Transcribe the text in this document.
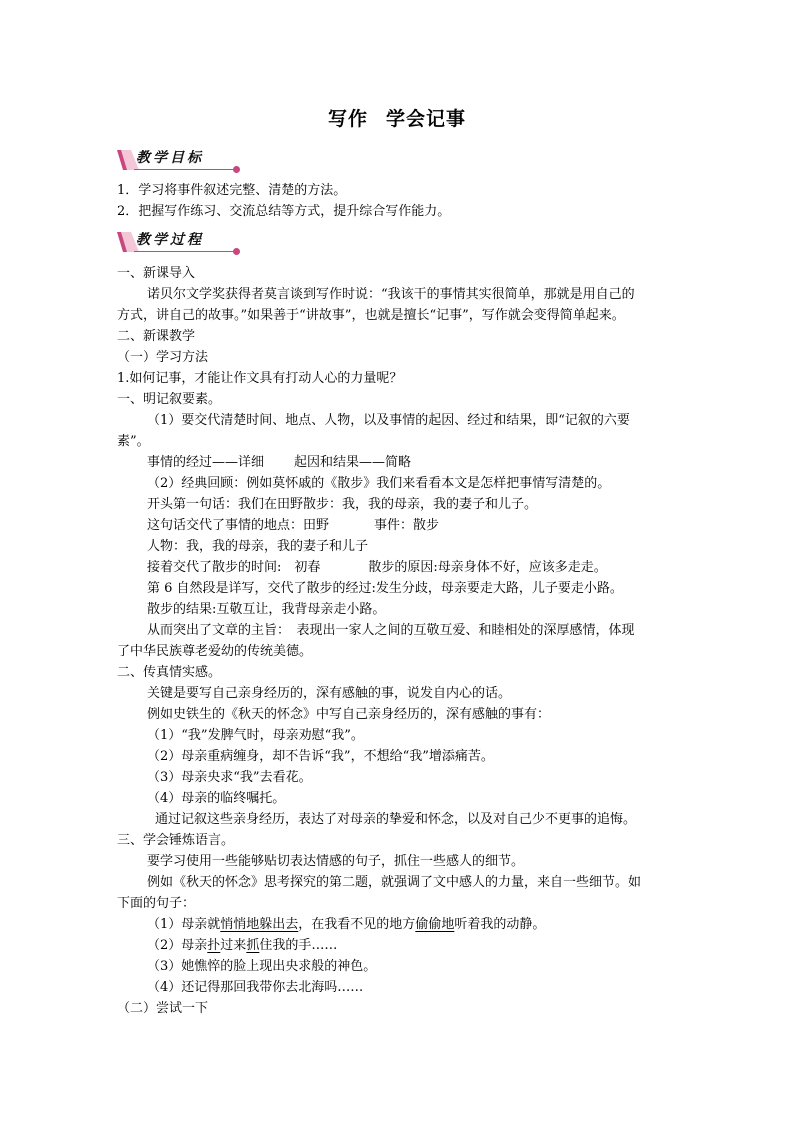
写作 学会记事
教学目标
1．学习将事件叙述完整、清楚的方法。
2．把握写作练习、交流总结等方式，提升综合写作能力。
教学过程
一、新课导入
诺贝尔文学奖获得者莫言谈到写作时说：“我该干的事情其实很简单，那就是用自己的
方式，讲自己的故事。”如果善于“讲故事”，也就是擅长“记事”，写作就会变得简单起来。
二、新课教学
（一）学习方法
1.如何记事，才能让作文具有打动人心的力量呢？
一、明记叙要素。
（1）要交代清楚时间、地点、人物，以及事情的起因、经过和结果，即“记叙的六要
素”。
事情的经过——详细 起因和结果——简略
（2）经典回顾：例如莫怀戚的《散步》我们来看看本文是怎样把事情写清楚的。
开头第一句话：我们在田野散步：我，我的母亲，我的妻子和儿子。
这句话交代了事情的地点：田野	事件：散步
人物：我，我的母亲，我的妻子和儿子
接着交代了散步的时间:　初春	散步的原因:母亲身体不好，应该多走走。
第 6 自然段是详写，交代了散步的经过:发生分歧，母亲要走大路，儿子要走小路。
散步的结果:互敬互让，我背母亲走小路。
从而突出了文章的主旨：　表现出一家人之间的互敬互爱、和睦相处的深厚感情，体现
了中华民族尊老爱幼的传统美德。
二、传真情实感。
关键是要写自己亲身经历的，深有感触的事，说发自内心的话。
例如史铁生的《秋天的怀念》中写自己亲身经历的，深有感触的事有：
（1）“我”发脾气时，母亲劝慰“我”。
（2）母亲重病缠身，却不告诉“我”，不想给“我”增添痛苦。
（3）母亲央求“我”去看花。
（4）母亲的临终嘱托。
通过记叙这些亲身经历，表达了对母亲的挚爱和怀念，以及对自己少不更事的追悔。
三、学会锤炼语言。
要学习使用一些能够贴切表达情感的句子，抓住一些感人的细节。
例如《秋天的怀念》思考探究的第二题，就强调了文中感人的力量，来自一些细节。如
下面的句子：
（1）母亲就悄悄地躲出去，在我看不见的地方偷偷地听着我的动静。
（2）母亲扑过来抓住我的手……
（3）她憔悴的脸上现出央求般的神色。
（4）还记得那回我带你去北海吗……
（二）尝试一下
